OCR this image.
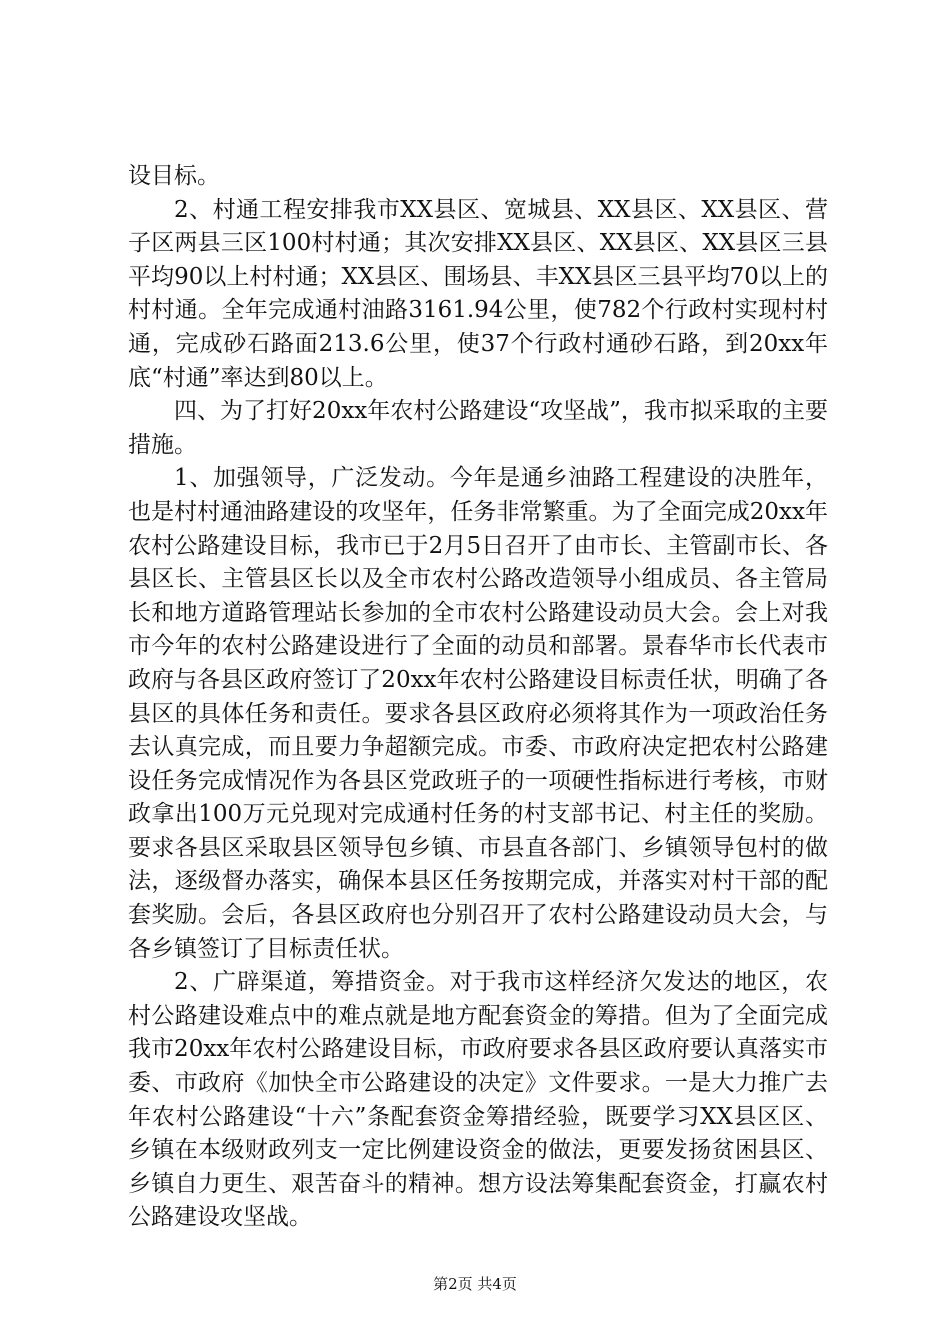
设目标。

2、村通工程安排我市XX县区、宽城县、XX县区、XX县区、营子区两县三区100村村通；其次安排XX县区、XX县区、XX县区三县平均90以上村村通；XX县区、围场县、丰XX县区三县平均70以上的村村通。全年完成通村油路3161.94公里，使782个行政村实现村村通，完成砂石路面213.6公里，使37个行政村通砂石路，到20xx年底“村通”率达到80以上。

四、为了打好20xx年农村公路建设“攻坚战”，我市拟采取的主要措施。

1、加强领导，广泛发动。今年是通乡油路工程建设的决胜年，也是村村通油路建设的攻坚年，任务非常繁重。为了全面完成20xx年农村公路建设目标，我市已于2月5日召开了由市长、主管副市长、各县区长、主管县区长以及全市农村公路改造领导小组成员、各主管局长和地方道路管理站长参加的全市农村公路建设动员大会。会上对我市今年的农村公路建设进行了全面的动员和部署。景春华市长代表市政府与各县区政府签订了20xx年农村公路建设目标责任状，明确了各县区的具体任务和责任。要求各县区政府必须将其作为一项政治任务去认真完成，而且要力争超额完成。市委、市政府决定把农村公路建设任务完成情况作为各县区党政班子的一项硬性指标进行考核，市财政拿出100万元兑现对完成通村任务的村支部书记、村主任的奖励。要求各县区采取县区领导包乡镇、市县直各部门、乡镇领导包村的做法，逐级督办落实，确保本县区任务按期完成，并落实对村干部的配套奖励。会后，各县区政府也分别召开了农村公路建设动员大会，与各乡镇签订了目标责任状。

2、广辟渠道，筹措资金。对于我市这样经济欠发达的地区，农村公路建设难点中的难点就是地方配套资金的筹措。但为了全面完成我市20xx年农村公路建设目标，市政府要求各县区政府要认真落实市委、市政府《加快全市公路建设的决定》文件要求。一是大力推广去年农村公路建设“十六”条配套资金筹措经验，既要学习XX县区区、乡镇在本级财政列支一定比例建设资金的做法，更要发扬贫困县区、乡镇自力更生、艰苦奋斗的精神。想方设法筹集配套资金，打赢农村公路建设攻坚战。

第2页 共4页
